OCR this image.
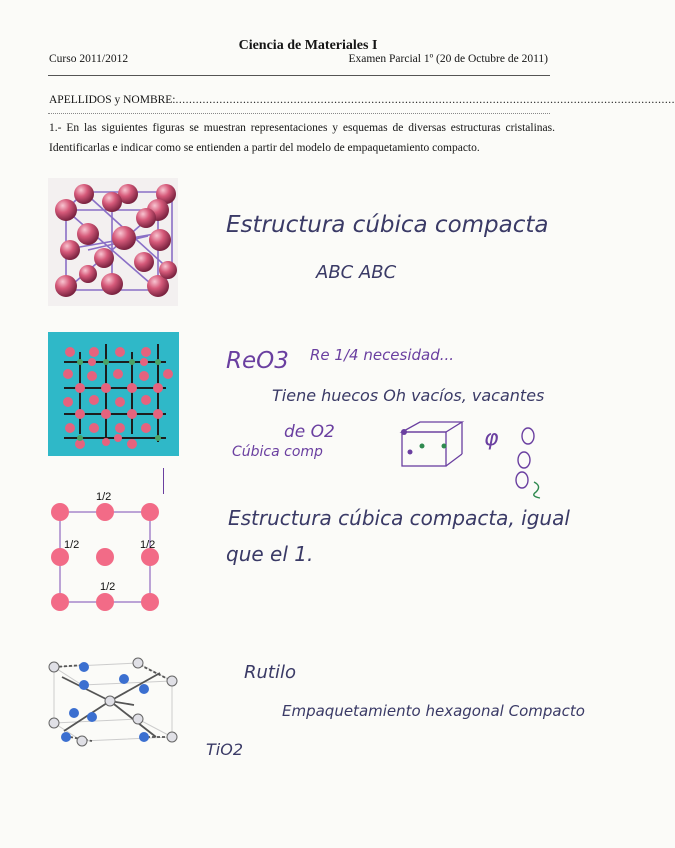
Ciencia de Materiales I
Curso 2011/2012	Examen Parcial 1º (20 de Octubre de 2011)
APELLIDOS y NOMBRE:....................................................................................................................................................
1.- En las siguientes figuras se muestran representaciones y esquemas de diversas estructuras cristalinas. Identificarlas e indicar como se entienden a partir del modelo de empaquetamiento compacto.
1/2
1/2	1/2
1/2
Estructura cúbica compacta
ABC ABC
ReO3 Re 1/4 necesidad...
Tiene huecos Oh vacíos, vacantes
de O2
Cúbica comp
φ
Estructura cúbica compacta, igual
que el 1.
Rutilo
Empaquetamiento hexagonal Compacto
TiO2
